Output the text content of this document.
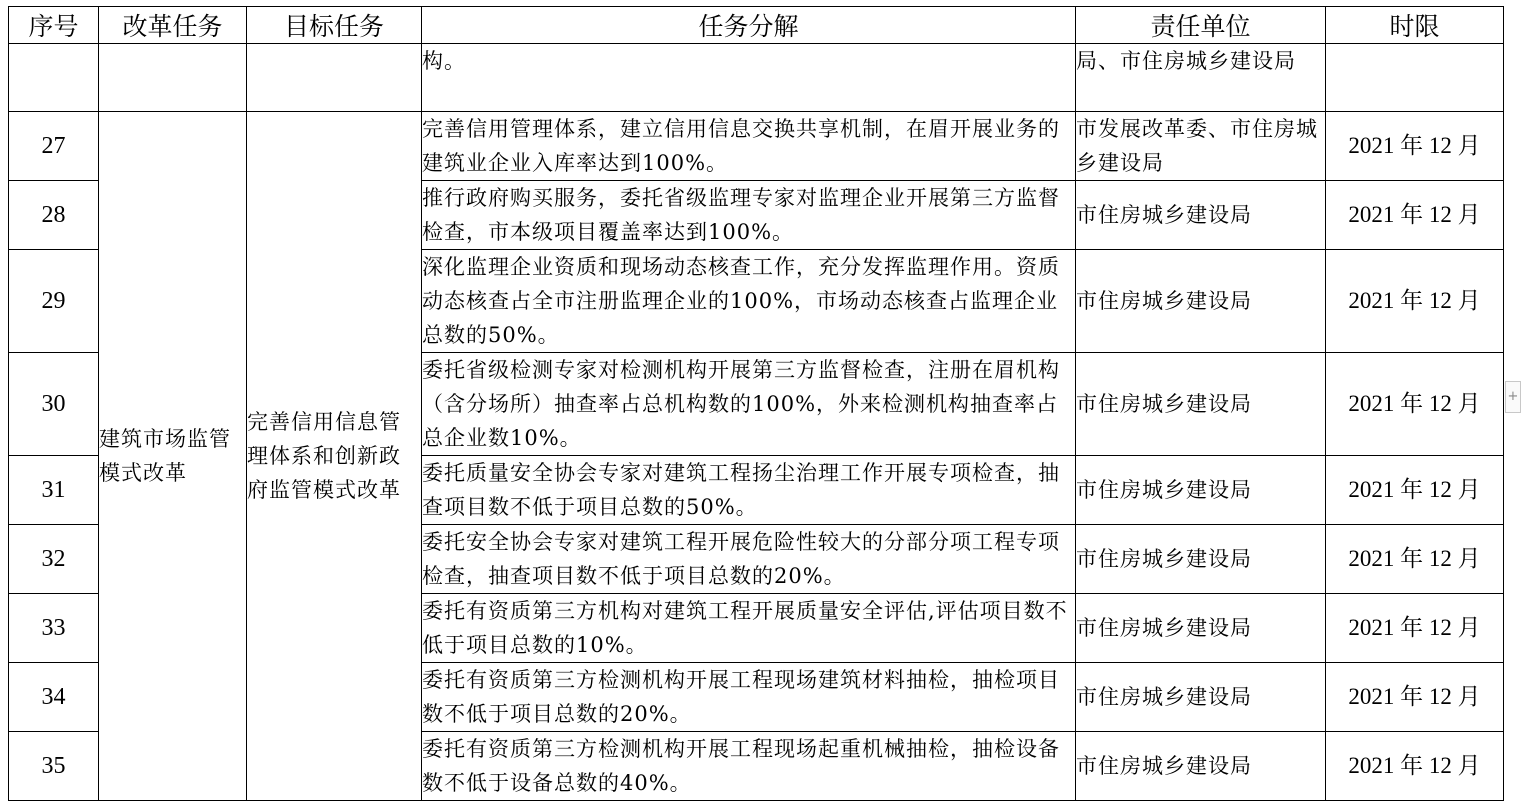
序号	改革任务	目标任务	任务分解	责任单位	时限
			构。	局、市住房城乡建设局	
27	建筑市场监管模式改革	完善信用信息管理体系和创新政府监管模式改革	完善信用管理体系，建立信用信息交换共享机制，在眉开展业务的建筑业企业入库率达到100%。	市发展改革委、市住房城乡建设局	2021 年 12 月
28			推行政府购买服务，委托省级监理专家对监理企业开展第三方监督检查，市本级项目覆盖率达到100%。	市住房城乡建设局	2021 年 12 月
29			深化监理企业资质和现场动态核查工作，充分发挥监理作用。资质动态核查占全市注册监理企业的100%，市场动态核查占监理企业总数的50%。	市住房城乡建设局	2021 年 12 月
30			委托省级检测专家对检测机构开展第三方监督检查，注册在眉机构（含分场所）抽查率占总机构数的100%，外来检测机构抽查率占总企业数10%。	市住房城乡建设局	2021 年 12 月
31			委托质量安全协会专家对建筑工程扬尘治理工作开展专项检查，抽查项目数不低于项目总数的50%。	市住房城乡建设局	2021 年 12 月
32			委托安全协会专家对建筑工程开展危险性较大的分部分项工程专项检查，抽查项目数不低于项目总数的20%。	市住房城乡建设局	2021 年 12 月
33			委托有资质第三方机构对建筑工程开展质量安全评估,评估项目数不低于项目总数的10%。	市住房城乡建设局	2021 年 12 月
34			委托有资质第三方检测机构开展工程现场建筑材料抽检，抽检项目数不低于项目总数的20%。	市住房城乡建设局	2021 年 12 月
35			委托有资质第三方检测机构开展工程现场起重机械抽检，抽检设备数不低于设备总数的40%。	市住房城乡建设局	2021 年 12 月
+
